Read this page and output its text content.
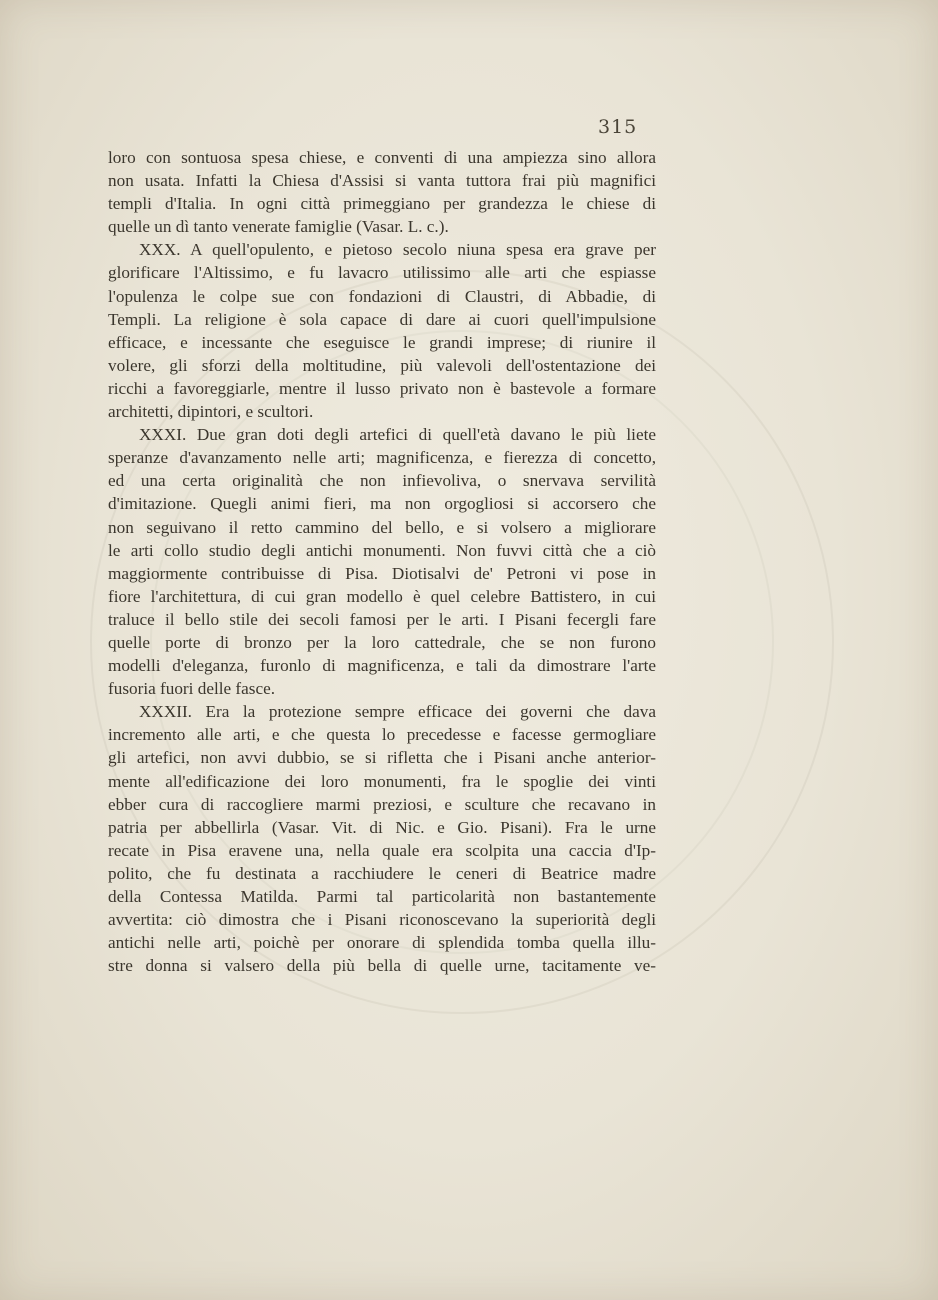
315
loro con sontuosa spesa chiese, e conventi di una ampiezza sino allora
non usata. Infatti la Chiesa d'Assisi si vanta tuttora frai più magnifici
templi d'Italia. In ogni città primeggiano per grandezza le chiese di
quelle un dì tanto venerate famiglie (Vasar. L. c.).
XXX. A quell'opulento, e pietoso secolo niuna spesa era grave per
glorificare l'Altissimo, e fu lavacro utilissimo alle arti che espiasse
l'opulenza le colpe sue con fondazioni di Claustri, di Abbadie, di
Templi. La religione è sola capace di dare ai cuori quell'impulsione
efficace, e incessante che eseguisce le grandi imprese; di riunire il
volere, gli sforzi della moltitudine, più valevoli dell'ostentazione dei
ricchi a favoreggiarle, mentre il lusso privato non è bastevole a formare
architetti, dipintori, e scultori.
XXXI. Due gran doti degli artefici di quell'età davano le più liete
speranze d'avanzamento nelle arti; magnificenza, e fierezza di concetto,
ed una certa originalità che non infievoliva, o snervava servilità
d'imitazione. Quegli animi fieri, ma non orgogliosi si accorsero che
non seguivano il retto cammino del bello, e si volsero a migliorare
le arti collo studio degli antichi monumenti. Non fuvvi città che a ciò
maggiormente contribuisse di Pisa. Diotisalvi de' Petroni vi pose in
fiore l'architettura, di cui gran modello è quel celebre Battistero, in cui
traluce il bello stile dei secoli famosi per le arti. I Pisani fecergli fare
quelle porte di bronzo per la loro cattedrale, che se non furono
modelli d'eleganza, furonlo di magnificenza, e tali da dimostrare l'arte
fusoria fuori delle fasce.
XXXII. Era la protezione sempre efficace dei governi che dava
incremento alle arti, e che questa lo precedesse e facesse germogliare
gli artefici, non avvi dubbio, se si rifletta che i Pisani anche anterior-
mente all'edificazione dei loro monumenti, fra le spoglie dei vinti
ebber cura di raccogliere marmi preziosi, e sculture che recavano in
patria per abbellirla (Vasar. Vit. di Nic. e Gio. Pisani). Fra le urne
recate in Pisa eravene una, nella quale era scolpita una caccia d'Ip-
polito, che fu destinata a racchiudere le ceneri di Beatrice madre
della Contessa Matilda. Parmi tal particolarità non bastantemente
avvertita: ciò dimostra che i Pisani riconoscevano la superiorità degli
antichi nelle arti, poichè per onorare di splendida tomba quella illu-
stre donna si valsero della più bella di quelle urne, tacitamente ve-
